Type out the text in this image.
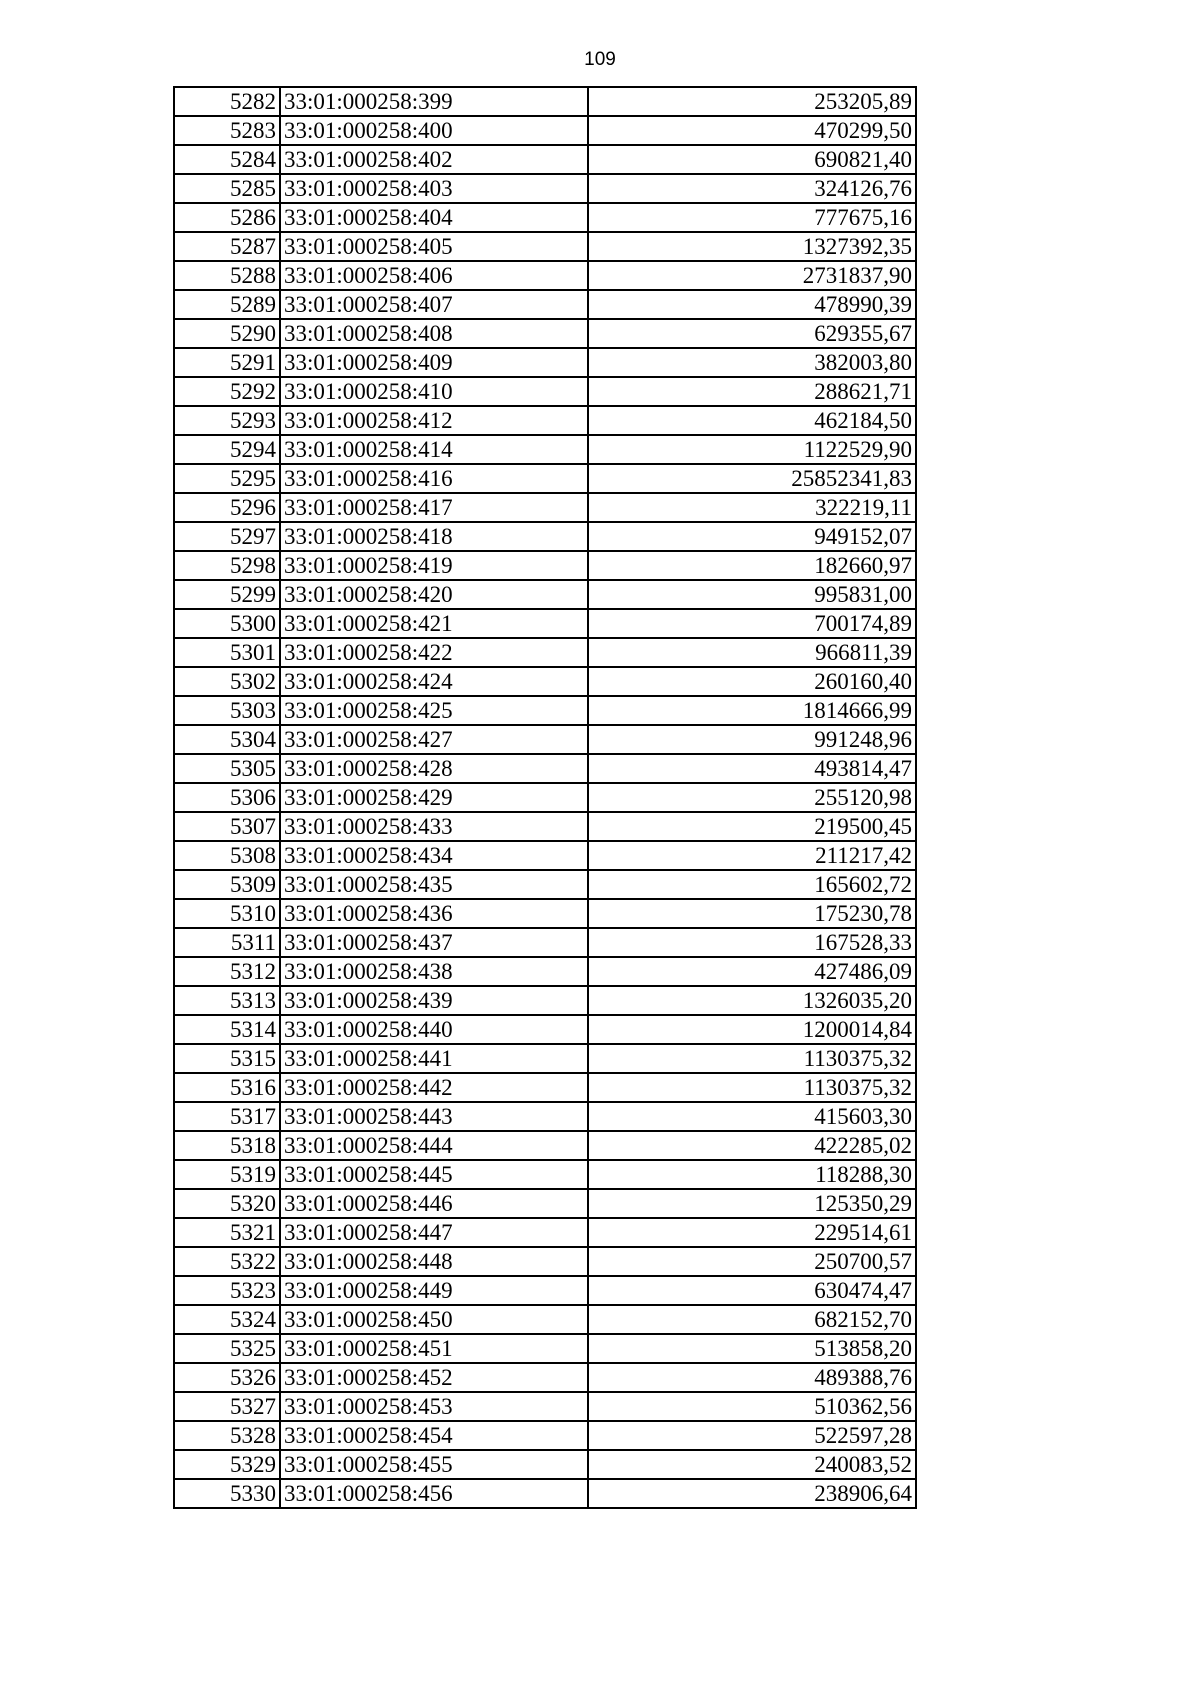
109
5282	33:01:000258:399	253205,89
5283	33:01:000258:400	470299,50
5284	33:01:000258:402	690821,40
5285	33:01:000258:403	324126,76
5286	33:01:000258:404	777675,16
5287	33:01:000258:405	1327392,35
5288	33:01:000258:406	2731837,90
5289	33:01:000258:407	478990,39
5290	33:01:000258:408	629355,67
5291	33:01:000258:409	382003,80
5292	33:01:000258:410	288621,71
5293	33:01:000258:412	462184,50
5294	33:01:000258:414	1122529,90
5295	33:01:000258:416	25852341,83
5296	33:01:000258:417	322219,11
5297	33:01:000258:418	949152,07
5298	33:01:000258:419	182660,97
5299	33:01:000258:420	995831,00
5300	33:01:000258:421	700174,89
5301	33:01:000258:422	966811,39
5302	33:01:000258:424	260160,40
5303	33:01:000258:425	1814666,99
5304	33:01:000258:427	991248,96
5305	33:01:000258:428	493814,47
5306	33:01:000258:429	255120,98
5307	33:01:000258:433	219500,45
5308	33:01:000258:434	211217,42
5309	33:01:000258:435	165602,72
5310	33:01:000258:436	175230,78
5311	33:01:000258:437	167528,33
5312	33:01:000258:438	427486,09
5313	33:01:000258:439	1326035,20
5314	33:01:000258:440	1200014,84
5315	33:01:000258:441	1130375,32
5316	33:01:000258:442	1130375,32
5317	33:01:000258:443	415603,30
5318	33:01:000258:444	422285,02
5319	33:01:000258:445	118288,30
5320	33:01:000258:446	125350,29
5321	33:01:000258:447	229514,61
5322	33:01:000258:448	250700,57
5323	33:01:000258:449	630474,47
5324	33:01:000258:450	682152,70
5325	33:01:000258:451	513858,20
5326	33:01:000258:452	489388,76
5327	33:01:000258:453	510362,56
5328	33:01:000258:454	522597,28
5329	33:01:000258:455	240083,52
5330	33:01:000258:456	238906,64
